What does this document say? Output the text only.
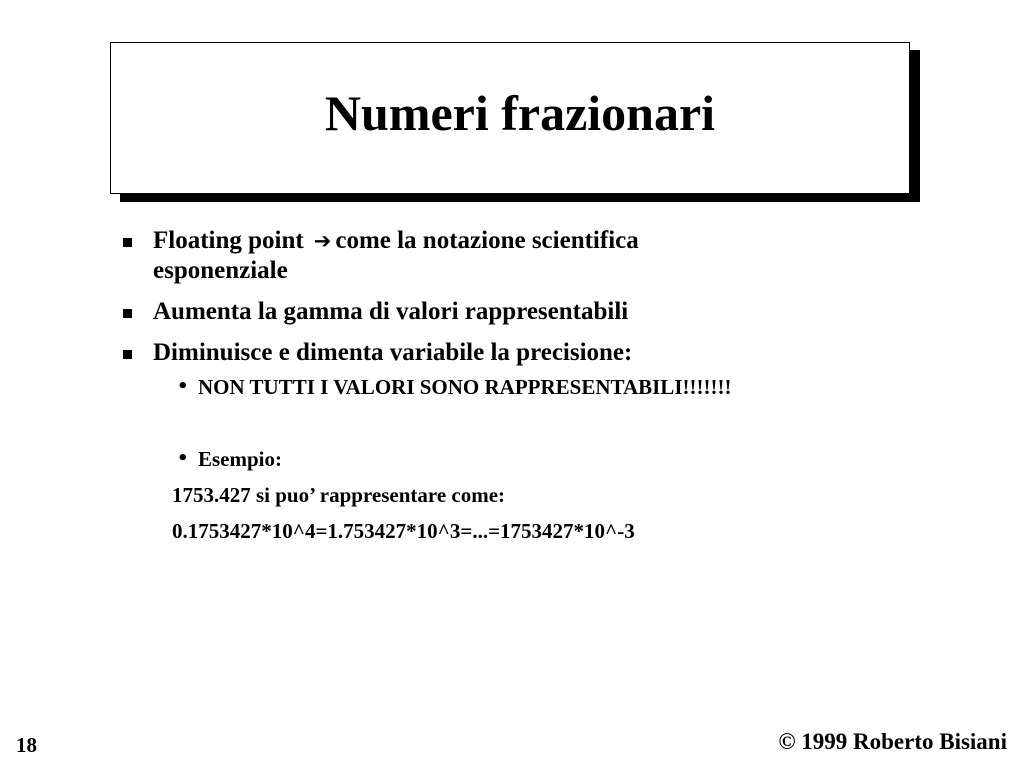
Numeri frazionari
Floating point ➔ come la notazione scientifica
esponenziale
Aumenta la gamma di valori rappresentabili
Diminuisce e dimenta variabile la precisione:
• NON TUTTI I VALORI SONO RAPPRESENTABILI!!!!!!!
• Esempio:
1753.427 si puo’ rappresentare come:
0.1753427*10^4=1.753427*10^3=...=1753427*10^-3
18	© 1999 Roberto Bisiani
